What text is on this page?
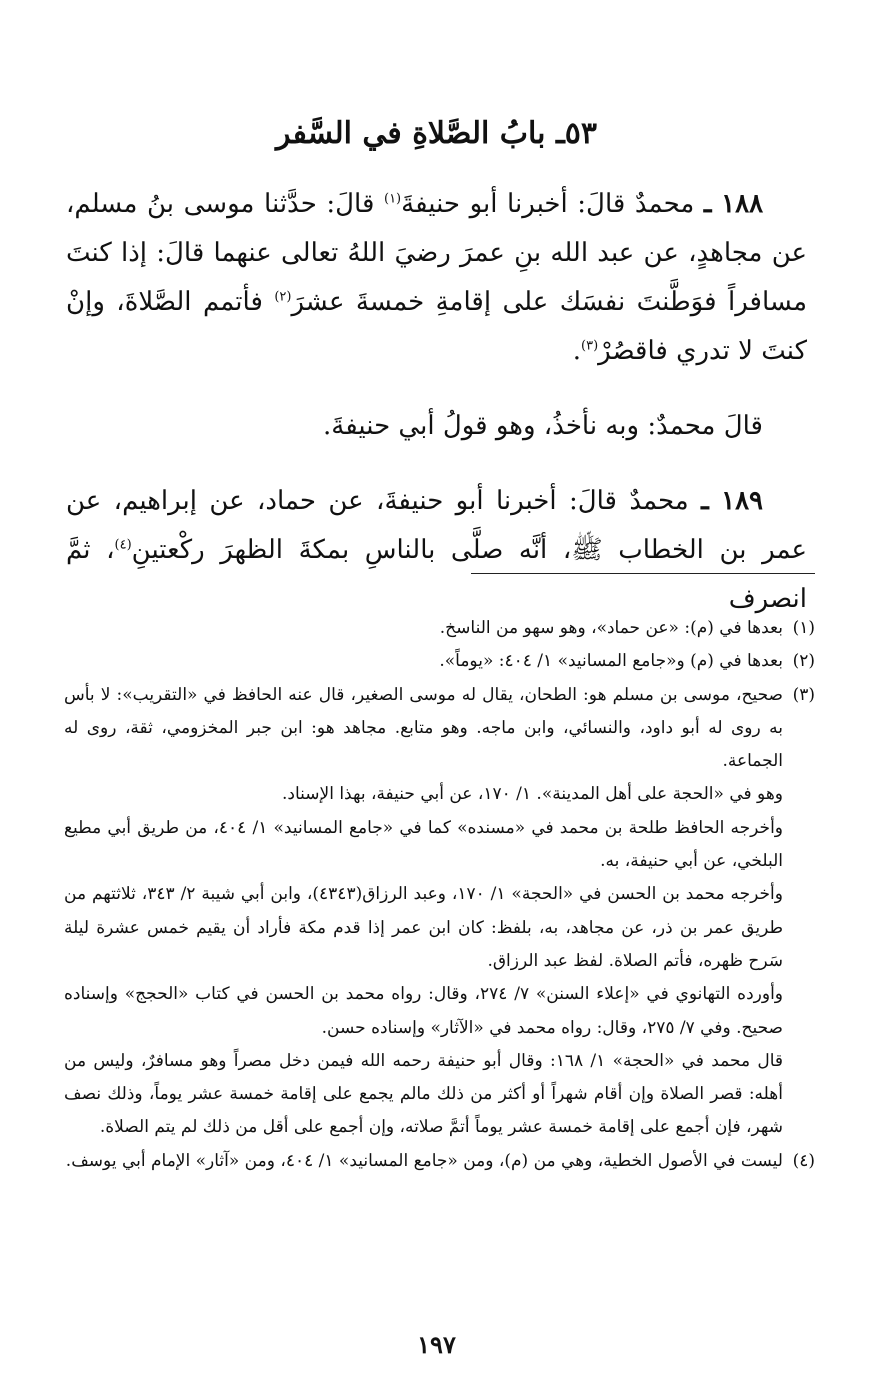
٥٣ـ بابُ الصَّلاةِ في السَّفر

١٨٨ ـ محمدٌ قالَ: أخبرنا أبو حنيفةَ$^{(١)}$ قالَ: حدَّثنا موسى بنُ مسلم، عن مجاهدٍ، عن عبد الله بنِ عمرَ رضيَ اللهُ تعالى عنهما قالَ: إذا كنتَ مسافراً فوَطَّنتَ نفسَك على إقامةِ خمسةَ عشرَ$^{(٢)}$ فأتمم الصَّلاةَ، وإنْ كنتَ لا تدري فاقصُرْ$^{(٣)}$.

قالَ محمدٌ: وبه نأخذُ، وهو قولُ أبي حنيفةَ.

١٨٩ ـ محمدٌ قالَ: أخبرنا أبو حنيفةَ، عن حماد، عن إبراهيم، عن عمر بن الخطاب ﷺ، أنَّه صلَّى بالناسِ بمكةَ الظهرَ ركْعتينِ$^{(٤)}$، ثمَّ انصرف

(١)

بعدها في (م): «عن حماد»، وهو سهو من الناسخ.

(٢)

بعدها في (م) و«جامع المسانيد» ١/ ٤٠٤: «يوماً».

(٣)

صحيح، موسى بن مسلم هو: الطحان، يقال له موسى الصغير، قال عنه الحافظ في «التقريب»: لا بأس به روى له أبو داود، والنسائي، وابن ماجه. وهو متابع. مجاهد هو: ابن جبر المخزومي، ثقة، روى له الجماعة.

وهو في «الحجة على أهل المدينة». ١/ ١٧٠، عن أبي حنيفة، بهذا الإسناد.

وأخرجه الحافظ طلحة بن محمد في «مسنده» كما في «جامع المسانيد» ١/ ٤٠٤، من طريق أبي مطيع البلخي، عن أبي حنيفة، به.

وأخرجه محمد بن الحسن في «الحجة» ١/ ١٧٠، وعبد الرزاق(٤٣٤٣)، وابن أبي شيبة ٢/ ٣٤٣، ثلاثتهم من طريق عمر بن ذر، عن مجاهد، به، بلفظ: كان ابن عمر إذا قدم مكة فأراد أن يقيم خمس عشرة ليلة سَرح ظهره، فأتم الصلاة. لفظ عبد الرزاق.

وأورده التهانوي في «إعلاء السنن» ٧/ ٢٧٤، وقال: رواه محمد بن الحسن في كتاب «الحجج» وإسناده صحيح. وفي ٧/ ٢٧٥، وقال: رواه محمد في «الآثار» وإسناده حسن.

قال محمد في «الحجة» ١/ ١٦٨: وقال أبو حنيفة رحمه الله فيمن دخل مصراً وهو مسافرٌ، وليس من أهله: قصر الصلاة وإن أقام شهراً أو أكثر من ذلك مالم يجمع على إقامة خمسة عشر يوماً، وذلك نصف شهر، فإن أجمع على إقامة خمسة عشر يوماً أتمَّ صلاته، وإن أجمع على أقل من ذلك لم يتم الصلاة.

(٤)

ليست في الأصول الخطية، وهي من (م)، ومن «جامع المسانيد» ١/ ٤٠٤، ومن «آثار» الإمام أبي يوسف.

١٩٧
